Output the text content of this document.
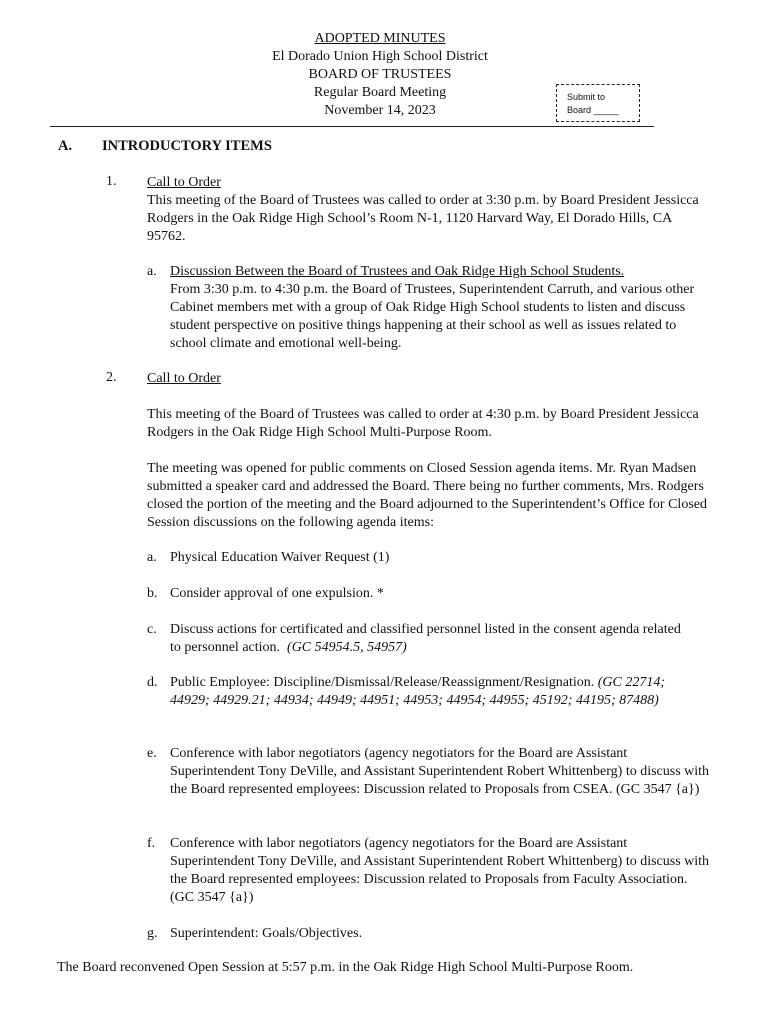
ADOPTED MINUTES
El Dorado Union High School District
BOARD OF TRUSTEES
Regular Board Meeting
November 14, 2023
Submit to
Board _____
A. INTRODUCTORY ITEMS
1. Call to Order
This meeting of the Board of Trustees was called to order at 3:30 p.m. by Board President Jessicca Rodgers in the Oak Ridge High School’s Room N-1, 1120 Harvard Way, El Dorado Hills, CA 95762.
a. Discussion Between the Board of Trustees and Oak Ridge High School Students.
From 3:30 p.m. to 4:30 p.m. the Board of Trustees, Superintendent Carruth, and various other Cabinet members met with a group of Oak Ridge High School students to listen and discuss student perspective on positive things happening at their school as well as issues related to school climate and emotional well-being.
2. Call to Order
This meeting of the Board of Trustees was called to order at 4:30 p.m. by Board President Jessicca Rodgers in the Oak Ridge High School Multi-Purpose Room.
The meeting was opened for public comments on Closed Session agenda items. Mr. Ryan Madsen submitted a speaker card and addressed the Board. There being no further comments, Mrs. Rodgers closed the portion of the meeting and the Board adjourned to the Superintendent’s Office for Closed Session discussions on the following agenda items:
a. Physical Education Waiver Request (1)
b. Consider approval of one expulsion. *
c. Discuss actions for certificated and classified personnel listed in the consent agenda related to personnel action. (GC 54954.5, 54957)
d. Public Employee: Discipline/Dismissal/Release/Reassignment/Resignation. (GC 22714; 44929; 44929.21; 44934; 44949; 44951; 44953; 44954; 44955; 45192; 44195; 87488)
e. Conference with labor negotiators (agency negotiators for the Board are Assistant Superintendent Tony DeVille, and Assistant Superintendent Robert Whittenberg) to discuss with the Board represented employees: Discussion related to Proposals from CSEA. (GC 3547 {a})
f. Conference with labor negotiators (agency negotiators for the Board are Assistant Superintendent Tony DeVille, and Assistant Superintendent Robert Whittenberg) to discuss with the Board represented employees: Discussion related to Proposals from Faculty Association. (GC 3547 {a})
g. Superintendent: Goals/Objectives.
The Board reconvened Open Session at 5:57 p.m. in the Oak Ridge High School Multi-Purpose Room.
